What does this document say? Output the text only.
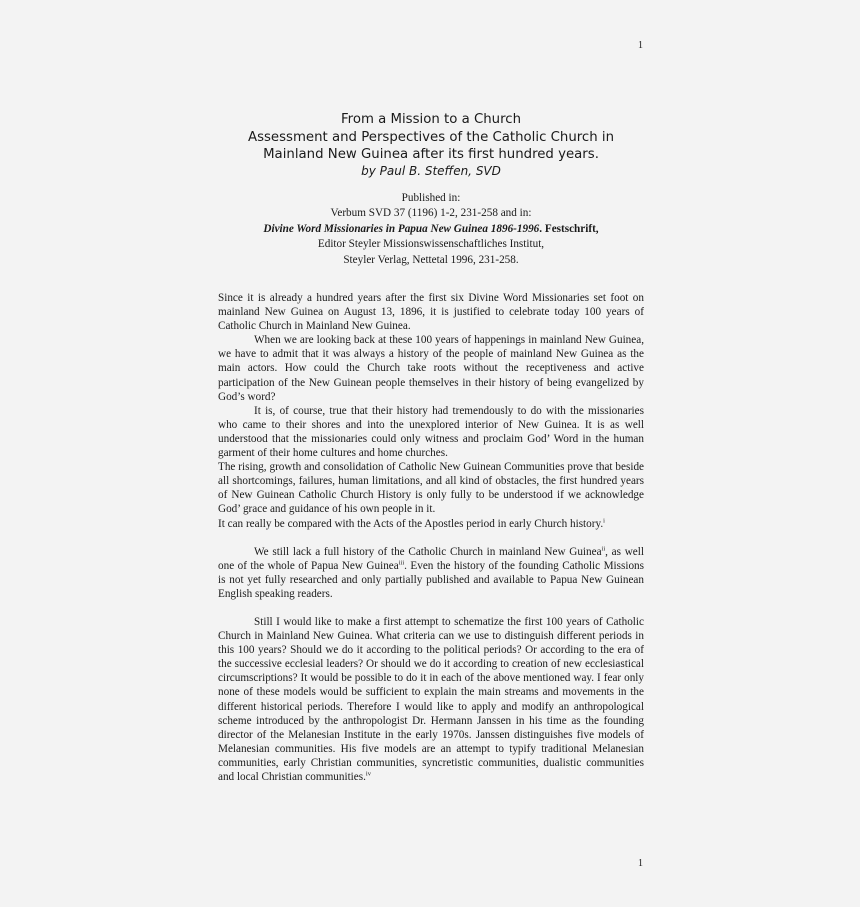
1
From a Mission to a Church
Assessment and Perspectives of the Catholic Church in
Mainland New Guinea after its first hundred years.
by Paul B. Steffen, SVD
Published in:
Verbum SVD 37 (1196) 1-2, 231-258 and in:
Divine Word Missionaries in Papua New Guinea 1896-1996. Festschrift,
Editor Steyler Missionswissenschaftliches Institut,
Steyler Verlag, Nettetal 1996, 231-258.

Since it is already a hundred years after the first six Divine Word Missionaries set foot on mainland New Guinea on August 13, 1896, it is justified to celebrate today 100 years of Catholic Church in Mainland New Guinea.

When we are looking back at these 100 years of happenings in mainland New Guinea, we have to admit that it was always a history of the people of mainland New Guinea as the main actors. How could the Church take roots without the receptiveness and active participation of the New Guinean people themselves in their history of being evangelized by God’s word?

It is, of course, true that their history had tremendously to do with the missionaries who came to their shores and into the unexplored interior of New Guinea. It is as well understood that the missionaries could only witness and proclaim God’ Word in the human garment of their home cultures and home churches.

The rising, growth and consolidation of Catholic New Guinean Communities prove that beside all shortcomings, failures, human limitations, and all kind of obstacles, the first hundred years of New Guinean Catholic Church History is only fully to be understood if we acknowledge God’ grace and guidance of his own people in it.

It can really be compared with the Acts of the Apostles period in early Church history.$^i$

We still lack a full history of the Catholic Church in mainland New Guinea$^{ii}$, as well one of the whole of Papua New Guinea$^{iii}$. Even the history of the founding Catholic Missions is not yet fully researched and only partially published and available to Papua New Guinean English speaking readers.

Still I would like to make a first attempt to schematize the first 100 years of Catholic Church in Mainland New Guinea. What criteria can we use to distinguish different periods in this 100 years? Should we do it according to the political periods? Or according to the era of the successive ecclesial leaders? Or should we do it according to creation of new ecclesiastical circumscriptions? It would be possible to do it in each of the above mentioned way. I fear only none of these models would be sufficient to explain the main streams and movements in the different historical periods. Therefore I would like to apply and modify an anthropological scheme introduced by the anthropologist Dr. Hermann Janssen in his time as the founding director of the Melanesian Institute in the early 1970s. Janssen distinguishes five models of Melanesian communities. His five models are an attempt to typify traditional Melanesian communities, early Christian communities, syncretistic communities, dualistic communities and local Christian communities.$^{iv}$

1
